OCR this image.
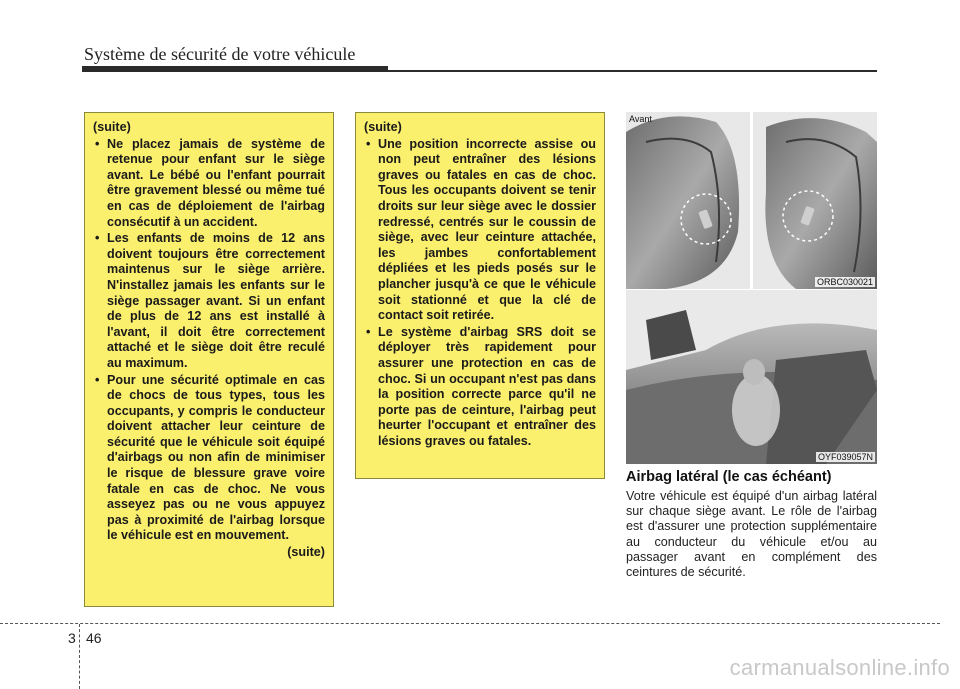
Système de sécurité de votre véhicule
(suite)
• Ne placez jamais de système de retenue pour enfant sur le siège avant. Le bébé ou l'enfant pourrait être gravement blessé ou même tué en cas de déploiement de l'airbag consécutif à un accident.
• Les enfants de moins de 12 ans doivent toujours être correctement maintenus sur le siège arrière. N'installez jamais les enfants sur le siège passager avant. Si un enfant de plus de 12 ans est installé à l'avant, il doit être correctement attaché et le siège doit être reculé au maximum.
• Pour une sécurité optimale en cas de chocs de tous types, tous les occupants, y compris le conducteur doivent attacher leur ceinture de sécurité que le véhicule soit équipé d'airbags ou non afin de minimiser le risque de blessure grave voire fatale en cas de choc. Ne vous asseyez pas ou ne vous appuyez pas à proximité de l'airbag lorsque le véhicule est en mouvement.
(suite)
(suite)
• Une position incorrecte assise ou non peut entraîner des lésions graves ou fatales en cas de choc. Tous les occupants doivent se tenir droits sur leur siège avec le dossier redressé, centrés sur le coussin de siège, avec leur ceinture attachée, les jambes confortablement dépliées et les pieds posés sur le plancher jusqu'à ce que le véhicule soit stationné et que la clé de contact soit retirée.
• Le système d'airbag SRS doit se déployer très rapidement pour assurer une protection en cas de choc. Si un occupant n'est pas dans la position correcte parce qu'il ne porte pas de ceinture, l'airbag peut heurter l'occupant et entraîner des lésions graves ou fatales.
Avant
ORBC030021
OYF039057N
Airbag latéral (le cas échéant)
Votre véhicule est équipé d'un airbag latéral sur chaque siège avant. Le rôle de l'airbag est d'assurer une protection supplémentaire au conducteur du véhicule et/ou au passager avant en complément des ceintures de sécurité.
3 46
carmanualsonline.info
